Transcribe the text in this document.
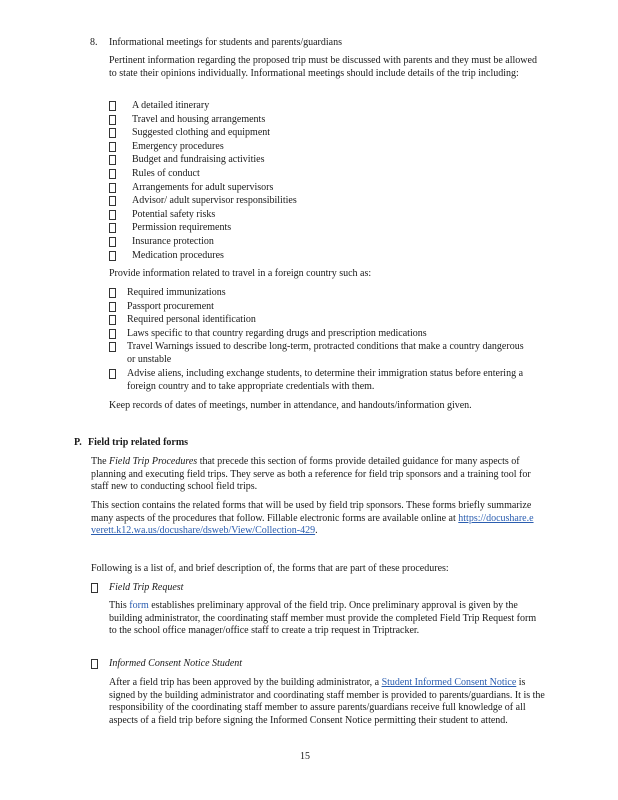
8. Informational meetings for students and parents/guardians

Pertinent information regarding the proposed trip must be discussed with parents and they must be allowed to state their opinions individually. Informational meetings should include details of the trip including:

A detailed itinerary
Travel and housing arrangements
Suggested clothing and equipment
Emergency procedures
Budget and fundraising activities
Rules of conduct
Arrangements for adult supervisors
Advisor/ adult supervisor responsibilities
Potential safety risks
Permission requirements
Insurance protection
Medication procedures

Provide information related to travel in a foreign country such as:

Required immunizations
Passport procurement
Required personal identification
Laws specific to that country regarding drugs and prescription medications
Travel Warnings issued to describe long-term, protracted conditions that make a country dangerous or unstable
Advise aliens, including exchange students, to determine their immigration status before entering a foreign country and to take appropriate credentials with them.

Keep records of dates of meetings, number in attendance, and handouts/information given.

P. Field trip related forms

The Field Trip Procedures that precede this section of forms provide detailed guidance for many aspects of planning and executing field trips. They serve as both a reference for field trip sponsors and a training tool for staff new to conducting school field trips.

This section contains the related forms that will be used by field trip sponsors. These forms briefly summarize many aspects of the procedures that follow. Fillable electronic forms are available online at https://docushare.everett.k12.wa.us/docushare/dsweb/View/Collection-429.

Following is a list of, and brief description of, the forms that are part of these procedures:

Field Trip Request

This form establishes preliminary approval of the field trip. Once preliminary approval is given by the building administrator, the coordinating staff member must provide the completed Field Trip Request form to the school office manager/office staff to create a trip request in Triptracker.

Informed Consent Notice Student

After a field trip has been approved by the building administrator, a Student Informed Consent Notice is signed by the building administrator and coordinating staff member is provided to parents/guardians. It is the responsibility of the coordinating staff member to assure parents/guardians receive full knowledge of all aspects of a field trip before signing the Informed Consent Notice permitting their student to attend.

15
